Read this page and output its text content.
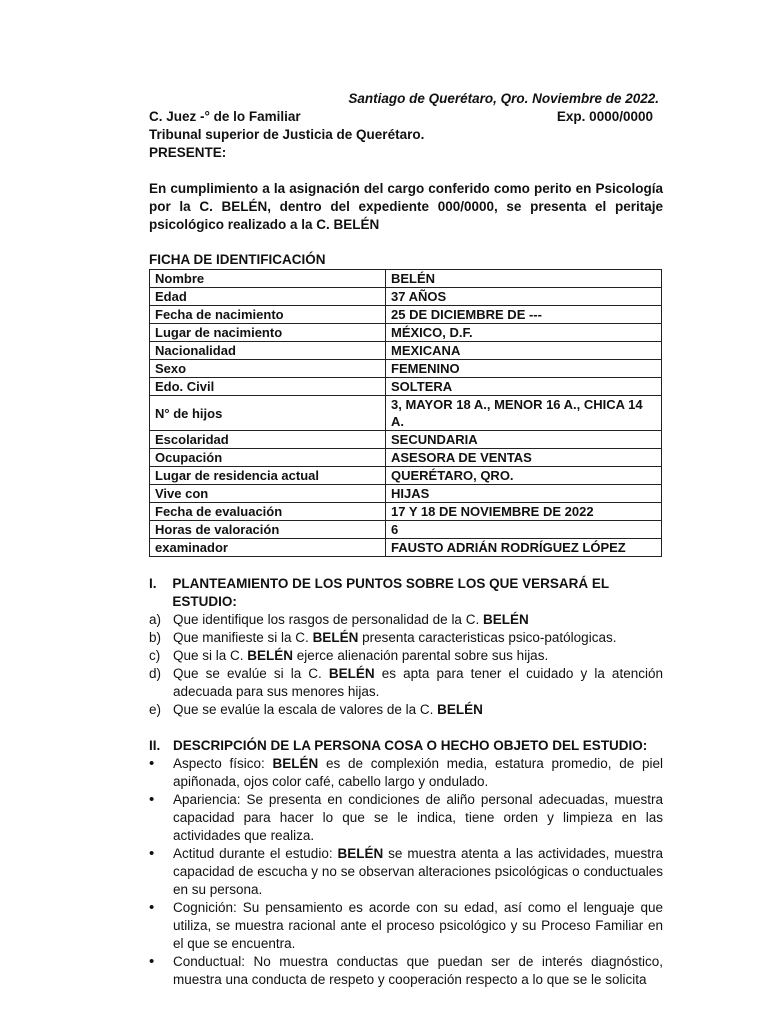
Santiago de Querétaro, Qro. Noviembre de 2022.
C. Juez -° de lo Familiar	Exp. 0000/0000
Tribunal superior de Justicia de Querétaro.
PRESENTE:
En cumplimiento a la asignación del cargo conferido como perito en Psicología por la C. BELÉN, dentro del expediente 000/0000, se presenta el peritaje psicológico realizado a la C. BELÉN
FICHA DE IDENTIFICACIÓN
Nombre	BELÉN
Edad	37 AÑOS
Fecha de nacimiento	25 DE DICIEMBRE DE ---
Lugar de nacimiento	MÉXICO, D.F.
Nacionalidad	MEXICANA
Sexo	FEMENINO
Edo. Civil	SOLTERA
N° de hijos	3, MAYOR 18 A., MENOR 16 A., CHICA 14 A.
Escolaridad	SECUNDARIA
Ocupación	ASESORA DE VENTAS
Lugar de residencia actual	QUERÉTARO, QRO.
Vive con	HIJAS
Fecha de evaluación	17 Y 18 DE NOVIEMBRE DE 2022
Horas de valoración	6
examinador	FAUSTO ADRIÁN RODRÍGUEZ LÓPEZ
I.	PLANTEAMIENTO DE LOS PUNTOS SOBRE LOS QUE VERSARÁ EL ESTUDIO:
a) Que identifique los rasgos de personalidad de la C. BELÉN
b) Que manifieste si la C. BELÉN presenta caracteristicas psico-patólogicas.
c) Que si la C. BELÉN ejerce alienación parental sobre sus hijas.
d) Que se evalúe si la C. BELÉN es apta para tener el cuidado y la atención adecuada para sus menores hijas.
e) Que se evalúe la escala de valores de la C. BELÉN
II. DESCRIPCIÓN DE LA PERSONA COSA O HECHO OBJETO DEL ESTUDIO:
•	Aspecto físico: BELÉN es de complexión media, estatura promedio, de piel apiñonada, ojos color café, cabello largo y ondulado.
•	Apariencia: Se presenta en condiciones de aliño personal adecuadas, muestra capacidad para hacer lo que se le indica, tiene orden y limpieza en las actividades que realiza.
•	Actitud durante el estudio: BELÉN se muestra atenta a las actividades, muestra capacidad de escucha y no se observan alteraciones psicológicas o conductuales en su persona.
•	Cognición: Su pensamiento es acorde con su edad, así como el lenguaje que utiliza, se muestra racional ante el proceso psicológico y su Proceso Familiar en el que se encuentra.
•	Conductual: No muestra conductas que puedan ser de interés diagnóstico, muestra una conducta de respeto y cooperación respecto a lo que se le solicita
